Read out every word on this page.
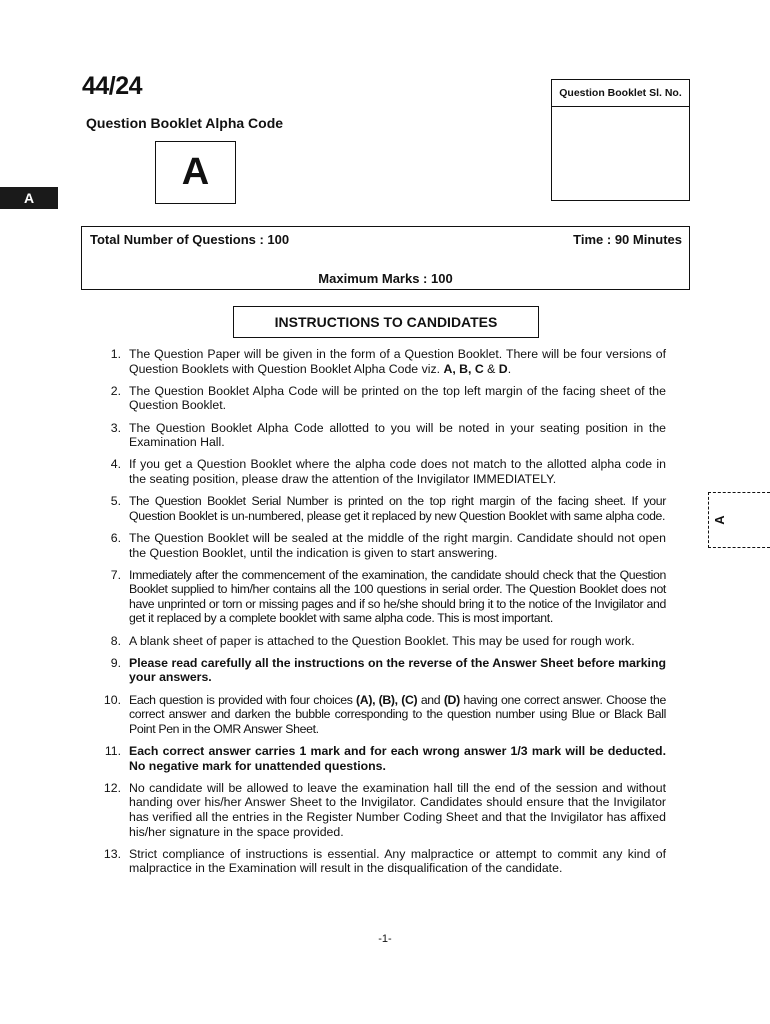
44/24
Question Booklet Alpha Code
A
A
Question Booklet Sl. No.
Total Number of Questions : 100	Time : 90 Minutes
Maximum Marks : 100
INSTRUCTIONS TO CANDIDATES
1. The Question Paper will be given in the form of a Question Booklet. There will be four versions of Question Booklets with Question Booklet Alpha Code viz. A, B, C & D.
2. The Question Booklet Alpha Code will be printed on the top left margin of the facing sheet of the Question Booklet.
3. The Question Booklet Alpha Code allotted to you will be noted in your seating position in the Examination Hall.
4. If you get a Question Booklet where the alpha code does not match to the allotted alpha code in the seating position, please draw the attention of the Invigilator IMMEDIATELY.
5. The Question Booklet Serial Number is printed on the top right margin of the facing sheet. If your Question Booklet is un-numbered, please get it replaced by new Question Booklet with same alpha code.
6. The Question Booklet will be sealed at the middle of the right margin. Candidate should not open the Question Booklet, until the indication is given to start answering.
7. Immediately after the commencement of the examination, the candidate should check that the Question Booklet supplied to him/her contains all the 100 questions in serial order. The Question Booklet does not have unprinted or torn or missing pages and if so he/she should bring it to the notice of the Invigilator and get it replaced by a complete booklet with same alpha code. This is most important.
8. A blank sheet of paper is attached to the Question Booklet. This may be used for rough work.
9. Please read carefully all the instructions on the reverse of the Answer Sheet before marking your answers.
10. Each question is provided with four choices (A), (B), (C) and (D) having one correct answer. Choose the correct answer and darken the bubble corresponding to the question number using Blue or Black Ball Point Pen in the OMR Answer Sheet.
11. Each correct answer carries 1 mark and for each wrong answer 1/3 mark will be deducted. No negative mark for unattended questions.
12. No candidate will be allowed to leave the examination hall till the end of the session and without handing over his/her Answer Sheet to the Invigilator. Candidates should ensure that the Invigilator has verified all the entries in the Register Number Coding Sheet and that the Invigilator has affixed his/her signature in the space provided.
13. Strict compliance of instructions is essential. Any malpractice or attempt to commit any kind of malpractice in the Examination will result in the disqualification of the candidate.
-1-
A
